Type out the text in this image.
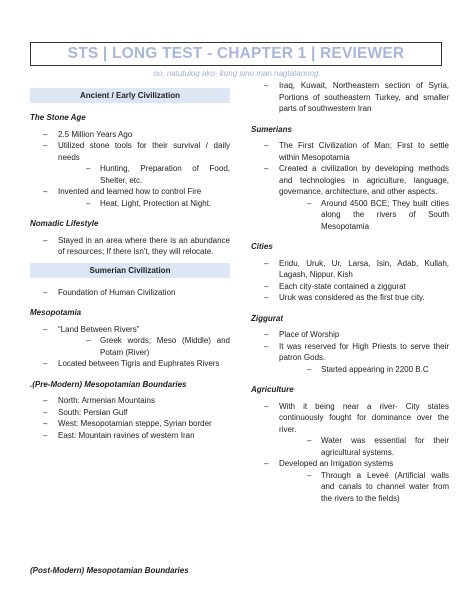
STS | LONG TEST - CHAPTER 1 | REVIEWER
oo, natutulog ako- kung sino man nagtatanong
Ancient / Early Civilization

The Stone Age

– 2.5 Million Years Ago

– Utilized stone tools for their survival / daily needs

– Hunting, Preparation of Food, Shelter, etc.

– Invented and learned how to control Fire

– Heat, Light, Protection at Night.

Nomadic Lifestyle

– Stayed in an area where there is an abundance of resources; If there isn't, they will relocate.

Sumerian Civilization

– Foundation of Human Civilization

Mesopotamia

– “Land Between Rivers”

– Greek words; Meso (Middle) and Potam (River)

– Located between Tigris and Euphrates Rivers

.(Pre-Modern) Mesopotamian Boundaries

– North: Armenian Mountains

– South: Persian Gulf

– West: Mesopotamian steppe, Syrian border

– East: Mountain ravines of western Iran

(Post-Modern) Mesopotamian Boundaries

– Iraq, Kuwait, Northeastern section of Syria, Portions of southeastern Turkey, and smaller parts of southwestern Iran

Sumerians

– The First Civilization of Man; First to settle within Mesopotamia

– Created a civilization by developing methods and technologies in agriculture, language, governance, architecture, and other aspects.

– Around 4500 BCE; They built cities along the rivers of South Mesopotamia

Cities

– Eridu, Uruk, Ur, Larsa, Isin, Adab, Kullah, Lagash, Nippur, Kish

– Each city-state contained a ziggurat

– Uruk was considered as the first true city.

Ziggurat

– Place of Worship

– It was reserved for High Priests to serve their patron Gods.

– Started appearing in 2200 B.C

Agriculture

– With it being near a river- City states continuously fought for dominance over the river.

– Water was essential for their agricultural systems.

– Developed an Irrigation systems

– Through a Leveé (Artificial walls and canals to channel water from the rivers to the fields)
